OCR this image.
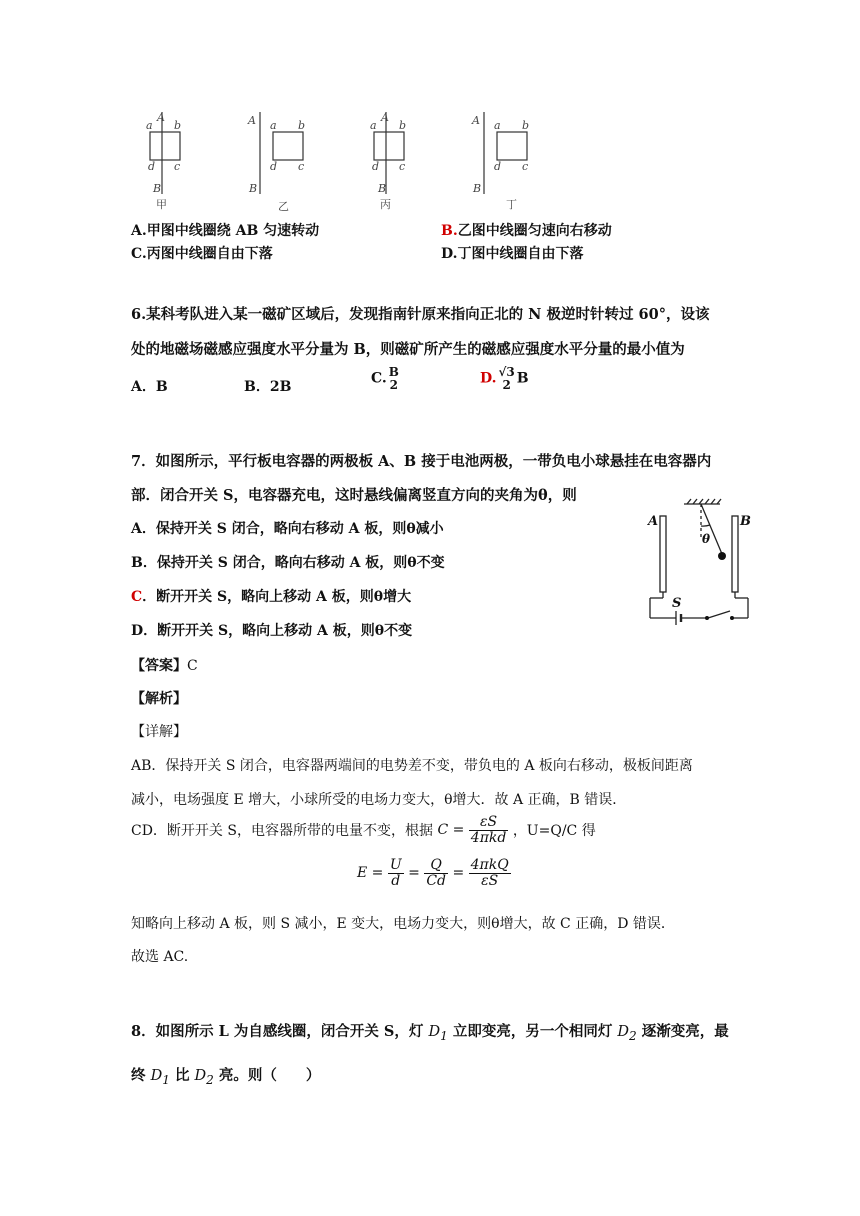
A
a b
d c
B
甲
A a b
d c
B
乙
A
a b
d c
B
丙
A a b
d c
B
丁
A.甲图中线圈绕 AB 匀速转动	B.乙图中线圈匀速向右移动
C.丙图中线圈自由下落	D.丁图中线圈自由下落
6.某科考队进入某一磁矿区域后，发现指南针原来指向正北的 N 极逆时针转过 60°，设该
处的地磁场磁感应强度水平分量为 B，则磁矿所产生的磁感应强度水平分量的最小值为
A．B	B．2B
C. B
2	D. √3
2 B
7．如图所示，平行板电容器的两极板 A、B 接于电池两极，一带负电小球悬挂在电容器内
部．闭合开关 S，电容器充电，这时悬线偏离竖直方向的夹角为θ，则
A．保持开关 S 闭合，略向右移动 A 板，则θ减小
B．保持开关 S 闭合，略向右移动 A 板，则θ不变
C．断开开关 S，略向上移动 A 板，则θ增大
D．断开开关 S，略向上移动 A 板，则θ不变
A	B
S
θ
【答案】C
【解析】
【详解】
AB．保持开关 S 闭合，电容器两端间的电势差不变，带负电的 A 板向右移动，极板间距离
减小，电场强度 E 增大，小球所受的电场力变大，θ增大．故 A 正确，B 错误．
CD．断开开关 S，电容器所带的电量不变，根据 $C = \frac{\varepsilon S}{\text{4πkd}}$ ，U=Q/C 得
$E = \frac{U}{d} = \frac{Q}{Cd} = \frac{\text{4πkQ}}{\varepsilon S}$
知略向上移动 A 板，则 S 减小，E 变大，电场力变大，则θ增大，故 C 正确，D 错误．
故选 AC.
8．如图所示 L 为自感线圈，闭合开关 S，灯 $D_1$ 立即变亮，另一个相同灯 $D_2$ 逐渐变亮，最
终 $D_1$ 比 $D_2$ 亮。则（　　）
